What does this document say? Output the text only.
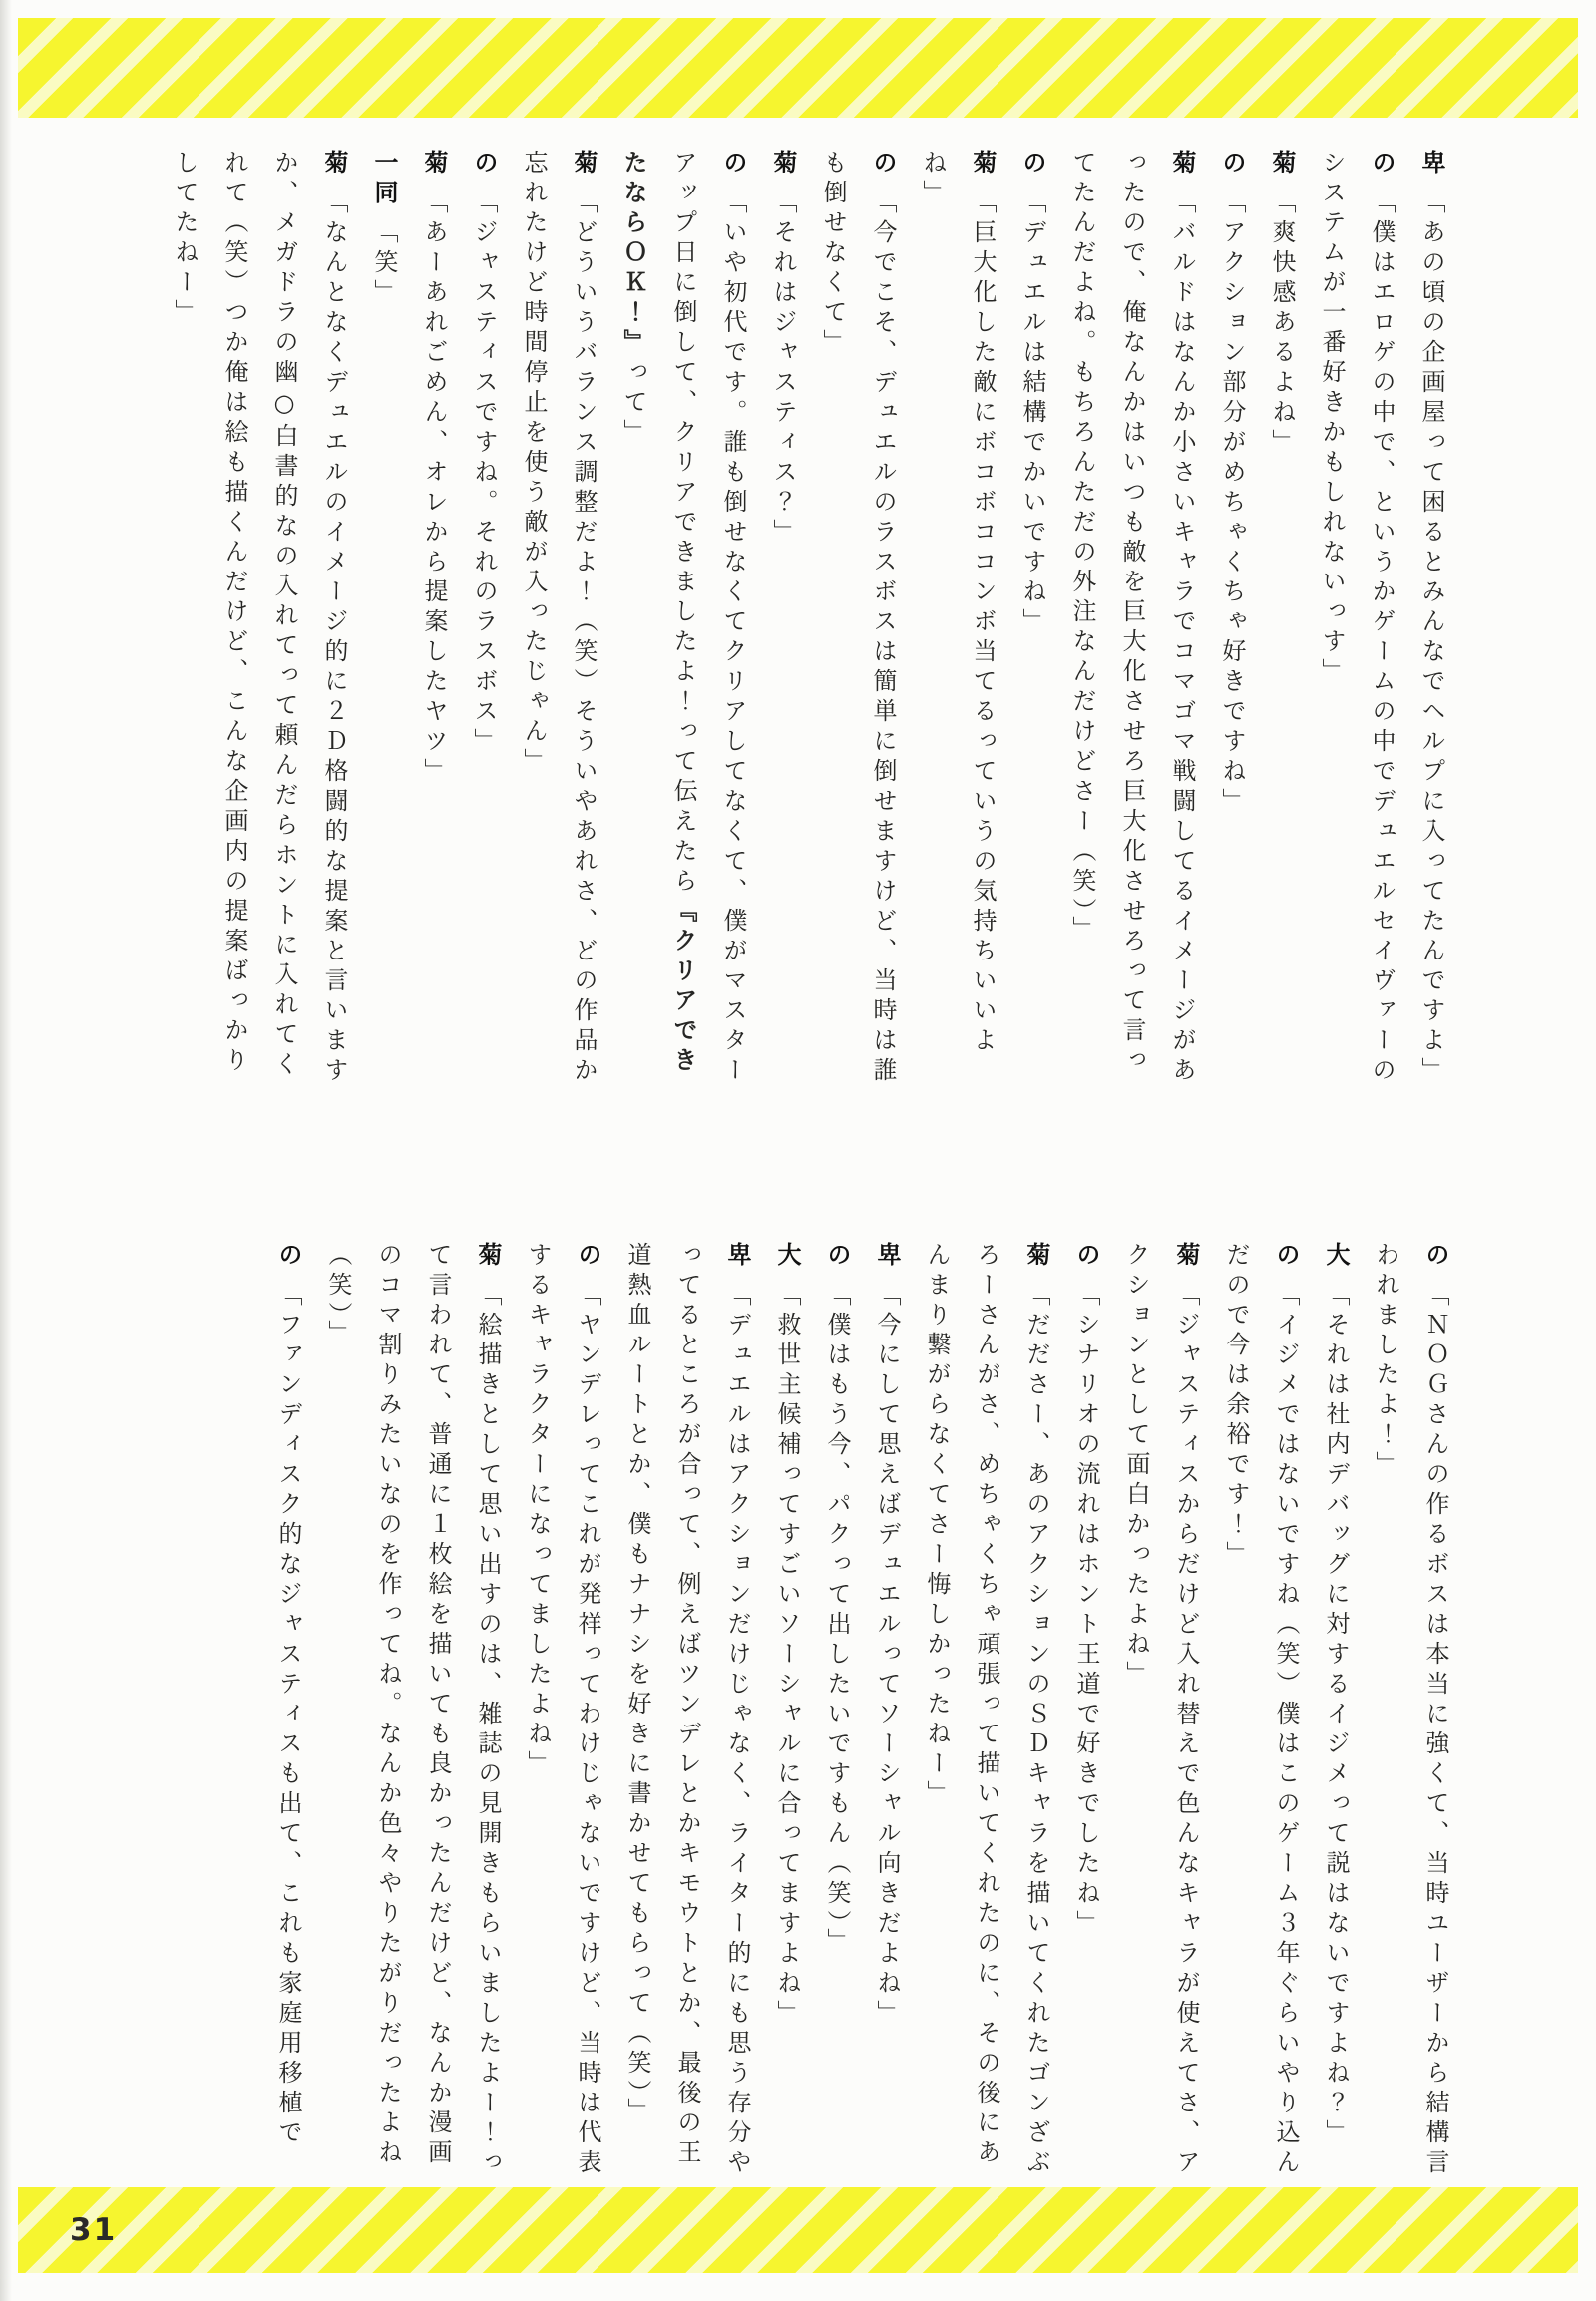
卑「あの頃の企画屋って困るとみんなでヘルプに入ってたんですよ」

の「僕はエロゲの中で、というかゲームの中でデュエルセイヴァーのシステムが一番好きかもしれないっす」

菊「爽快感あるよね」

の「アクション部分がめちゃくちゃ好きですね」

菊「バルドはなんか小さいキャラでコマゴマ戦闘してるイメージがあったので、俺なんかはいつも敵を巨大化させろ巨大化させろって言ってたんだよね。もちろんただの外注なんだけどさー（笑）」

の「デュエルは結構でかいですね」

菊「巨大化した敵にボコボココンボ当てるっていうの気持ちいいよね」

の「今でこそ、デュエルのラスボスは簡単に倒せますけど、当時は誰も倒せなくて」

菊「それはジャスティス？」

の「いや初代です。誰も倒せなくてクリアしてなくて、僕がマスターアップ日に倒して、クリアできましたよ！って伝えたら『クリアできたならＯＫ！』って」

菊「どういうバランス調整だよ！（笑）そういやあれさ、どの作品か忘れたけど時間停止を使う敵が入ったじゃん」

の「ジャスティスですね。それのラスボス」

菊「あーあれごめん、オレから提案したヤツ」

一同「笑」

菊「なんとなくデュエルのイメージ的に２Ｄ格闘的な提案と言いますか、メガドラの幽○白書的なの入れてって頼んだらホントに入れてくれて（笑）つか俺は絵も描くんだけど、こんな企画内の提案ばっかりしてたねー」

の「ＮＯＧさんの作るボスは本当に強くて、当時ユーザーから結構言われましたよ！」

大「それは社内デバッグに対するイジメって説はないですよね？」

の「イジメではないですね（笑）僕はこのゲーム３年ぐらいやり込んだので今は余裕です！」

菊「ジャスティスからだけど入れ替えで色んなキャラが使えてさ、アクションとして面白かったよね」

の「シナリオの流れはホント王道で好きでしたね」

菊「だださー、あのアクションのＳＤキャラを描いてくれたゴンざぶろーさんがさ、めちゃくちゃ頑張って描いてくれたのに、その後にあんまり繋がらなくてさー悔しかったねー」

卑「今にして思えばデュエルってソーシャル向きだよね」

の「僕はもう今、パクって出したいですもん（笑）」

大「救世主候補ってすごいソーシャルに合ってますよね」

卑「デュエルはアクションだけじゃなく、ライター的にも思う存分やってるところが合って、例えばツンデレとかキモウトとか、最後の王道熱血ルートとか、僕もナナシを好きに書かせてもらって（笑）」

の「ヤンデレってこれが発祥ってわけじゃないですけど、当時は代表するキャラクターになってましたよね」

菊「絵描きとして思い出すのは、雑誌の見開きもらいましたよー！って言われて、普通に１枚絵を描いても良かったんだけど、なんか漫画のコマ割りみたいなのを作ってね。なんか色々やりたがりだったよね（笑）」

の「ファンディスク的なジャスティスも出て、これも家庭用移植で

31
